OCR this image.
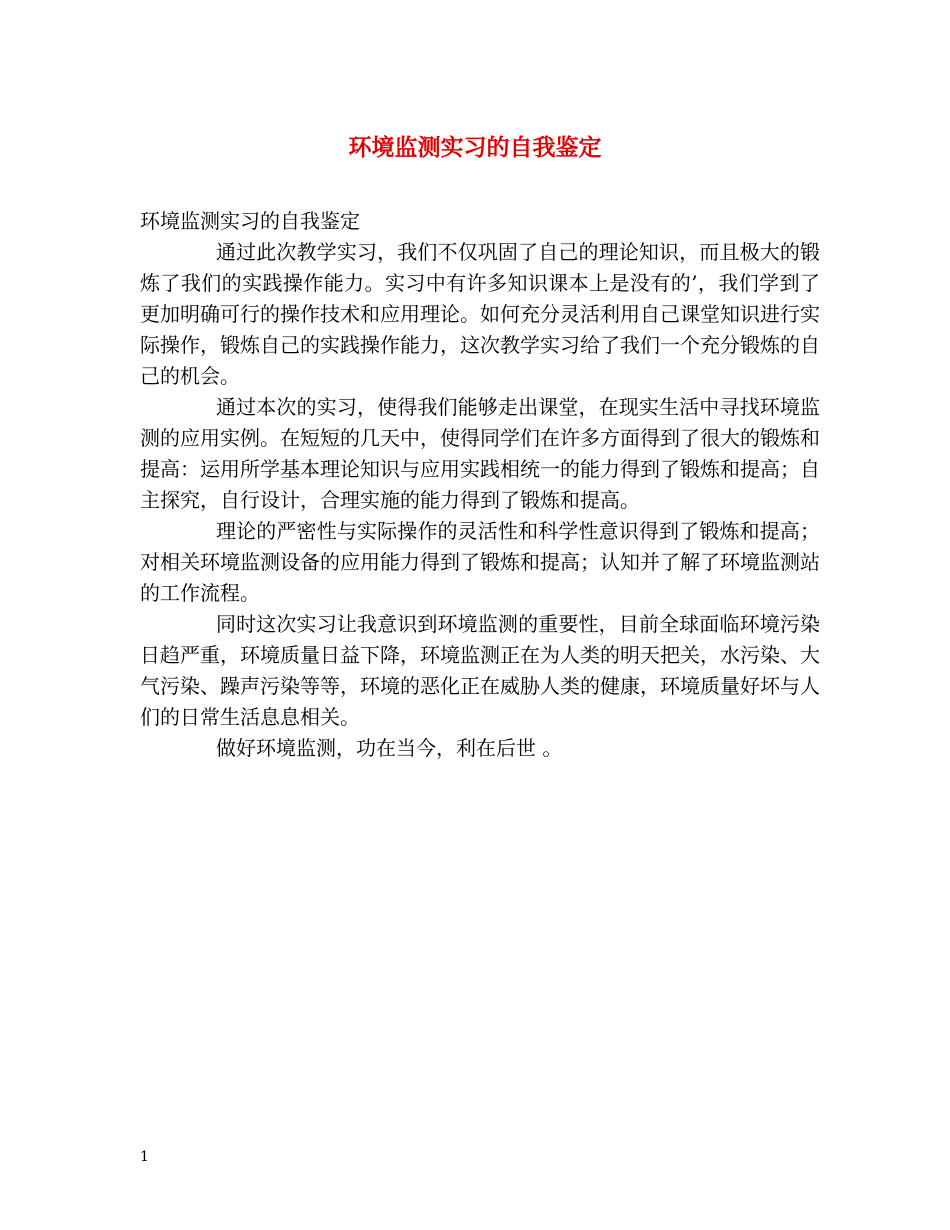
环境监测实习的自我鉴定

环境监测实习的自我鉴定

通过此次教学实习，我们不仅巩固了自己的理论知识，而且极大的锻炼了我们的实践操作能力。实习中有许多知识课本上是没有的’，我们学到了更加明确可行的操作技术和应用理论。如何充分灵活利用自己课堂知识进行实际操作，锻炼自己的实践操作能力，这次教学实习给了我们一个充分锻炼的自己的机会。

通过本次的实习，使得我们能够走出课堂，在现实生活中寻找环境监测的应用实例。在短短的几天中，使得同学们在许多方面得到了很大的锻炼和提高：运用所学基本理论知识与应用实践相统一的能力得到了锻炼和提高；自主探究，自行设计，合理实施的能力得到了锻炼和提高。

理论的严密性与实际操作的灵活性和科学性意识得到了锻炼和提高；对相关环境监测设备的应用能力得到了锻炼和提高；认知并了解了环境监测站的工作流程。

同时这次实习让我意识到环境监测的重要性，目前全球面临环境污染日趋严重，环境质量日益下降，环境监测正在为人类的明天把关，水污染、大气污染、躁声污染等等，环境的恶化正在威胁人类的健康，环境质量好坏与人们的日常生活息息相关。

做好环境监测，功在当今，利在后世 。

1
